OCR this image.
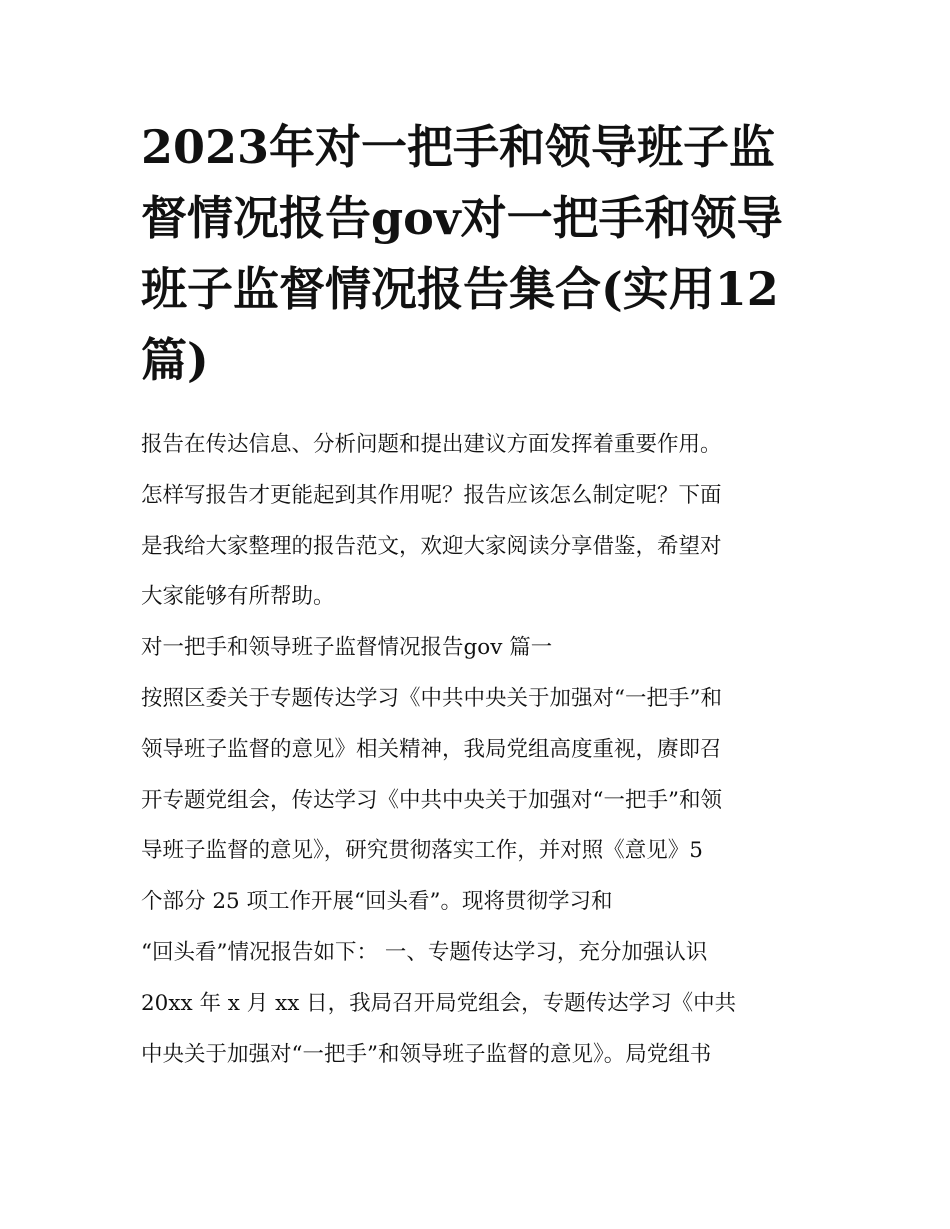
2023年对一把手和领导班子监督情况报告gov对一把手和领导班子监督情况报告集合(实用12篇)
报告在传达信息、分析问题和提出建议方面发挥着重要作用。
怎样写报告才更能起到其作用呢？报告应该怎么制定呢？下面
是我给大家整理的报告范文，欢迎大家阅读分享借鉴，希望对
大家能够有所帮助。
对一把手和领导班子监督情况报告gov 篇一
按照区委关于专题传达学习《中共中央关于加强对“一把手”和
领导班子监督的意见》相关精神，我局党组高度重视，赓即召
开专题党组会，传达学习《中共中央关于加强对“一把手”和领
导班子监督的意见》，研究贯彻落实工作，并对照《意见》5
个部分 25 项工作开展“回头看”。现将贯彻学习和
“回头看”情况报告如下： 一、专题传达学习，充分加强认识
20xx 年 x 月 xx 日，我局召开局党组会，专题传达学习《中共
中央关于加强对“一把手”和领导班子监督的意见》。局党组书
